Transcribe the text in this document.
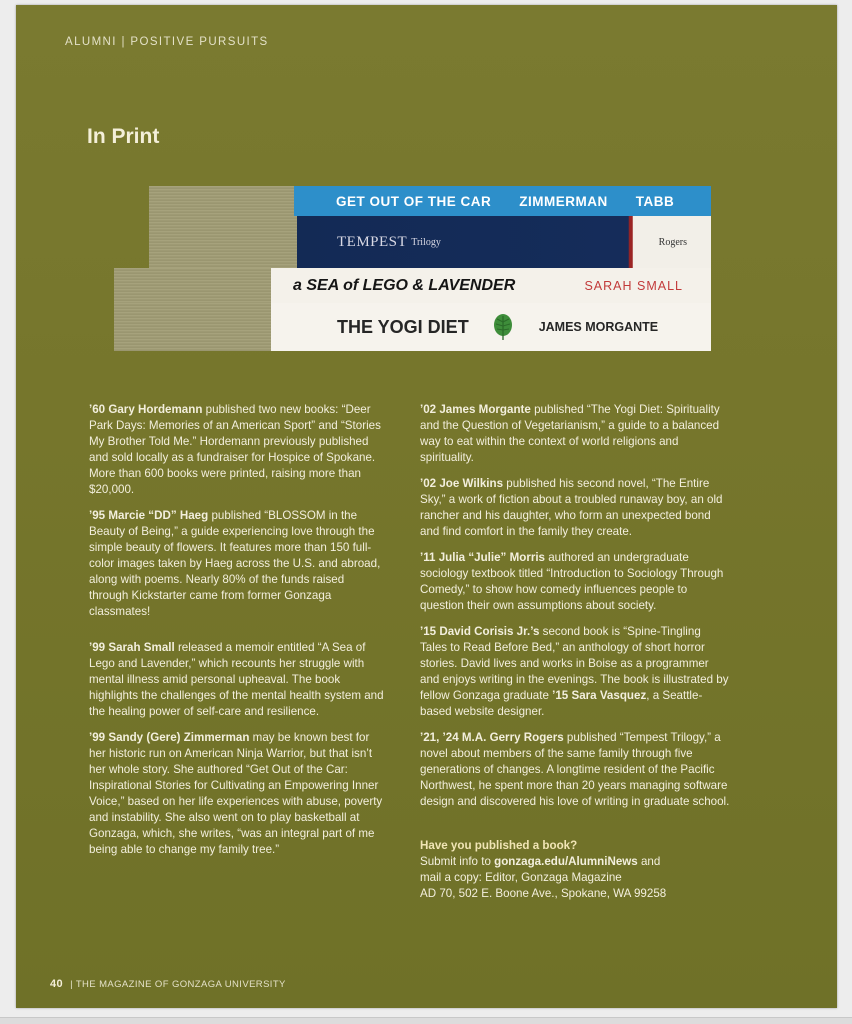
ALUMNI | POSITIVE PURSUITS
In Print
GET OUT OF THE CAR ZIMMERMAN TABB
TEMPEST Trilogy	Rogers
a SEA of LEGO & LAVENDER	SARAH SMALL
THE YOGI DIET	JAMES MORGANTE

’60 Gary Hordemann published two new books: “Deer Park Days: Memories of an American Sport” and “Stories My Brother Told Me.” Hordemann previously published and sold locally as a fundraiser for Hospice of Spokane. More than 600 books were printed, raising more than $20,000.

’95 Marcie “DD” Haeg published “BLOSSOM in the Beauty of Being,” a guide experiencing love through the simple beauty of flowers. It features more than 150 full-color images taken by Haeg across the U.S. and abroad, along with poems. Nearly 80% of the funds raised through Kickstarter came from former Gonzaga classmates!

’99 Sarah Small released a memoir entitled “A Sea of Lego and Lavender,” which recounts her struggle with mental illness amid personal upheaval. The book highlights the challenges of the mental health system and the healing power of self-care and resilience.

’99 Sandy (Gere) Zimmerman may be known best for her historic run on American Ninja Warrior, but that isn’t her whole story. She authored “Get Out of the Car: Inspirational Stories for Cultivating an Empowering Inner Voice,” based on her life experiences with abuse, poverty and instability. She also went on to play basketball at Gonzaga, which, she writes, “was an integral part of me being able to change my family tree.”

’02 James Morgante published “The Yogi Diet: Spirituality and the Question of Vegetarianism,” a guide to a balanced way to eat within the context of world religions and spirituality.

’02 Joe Wilkins published his second novel, “The Entire Sky,” a work of fiction about a troubled runaway boy, an old rancher and his daughter, who form an unexpected bond and find comfort in the family they create.

’11 Julia “Julie” Morris authored an undergraduate sociology textbook titled “Introduction to Sociology Through Comedy,” to show how comedy influences people to question their own assumptions about society.

’15 David Corisis Jr.’s second book is “Spine-Tingling Tales to Read Before Bed,” an anthology of short horror stories. David lives and works in Boise as a programmer and enjoys writing in the evenings. The book is illustrated by fellow Gonzaga graduate ’15 Sara Vasquez, a Seattle-based website designer.

’21, ’24 M.A. Gerry Rogers published “Tempest Trilogy,” a novel about members of the same family through five generations of changes. A longtime resident of the Pacific Northwest, he spent more than 20 years managing software design and discovered his love of writing in graduate school.

Have you published a book?
Submit info to gonzaga.edu/AlumniNews and
mail a copy: Editor, Gonzaga Magazine
AD 70, 502 E. Boone Ave., Spokane, WA 99258
40 | THE MAGAZINE OF GONZAGA UNIVERSITY
